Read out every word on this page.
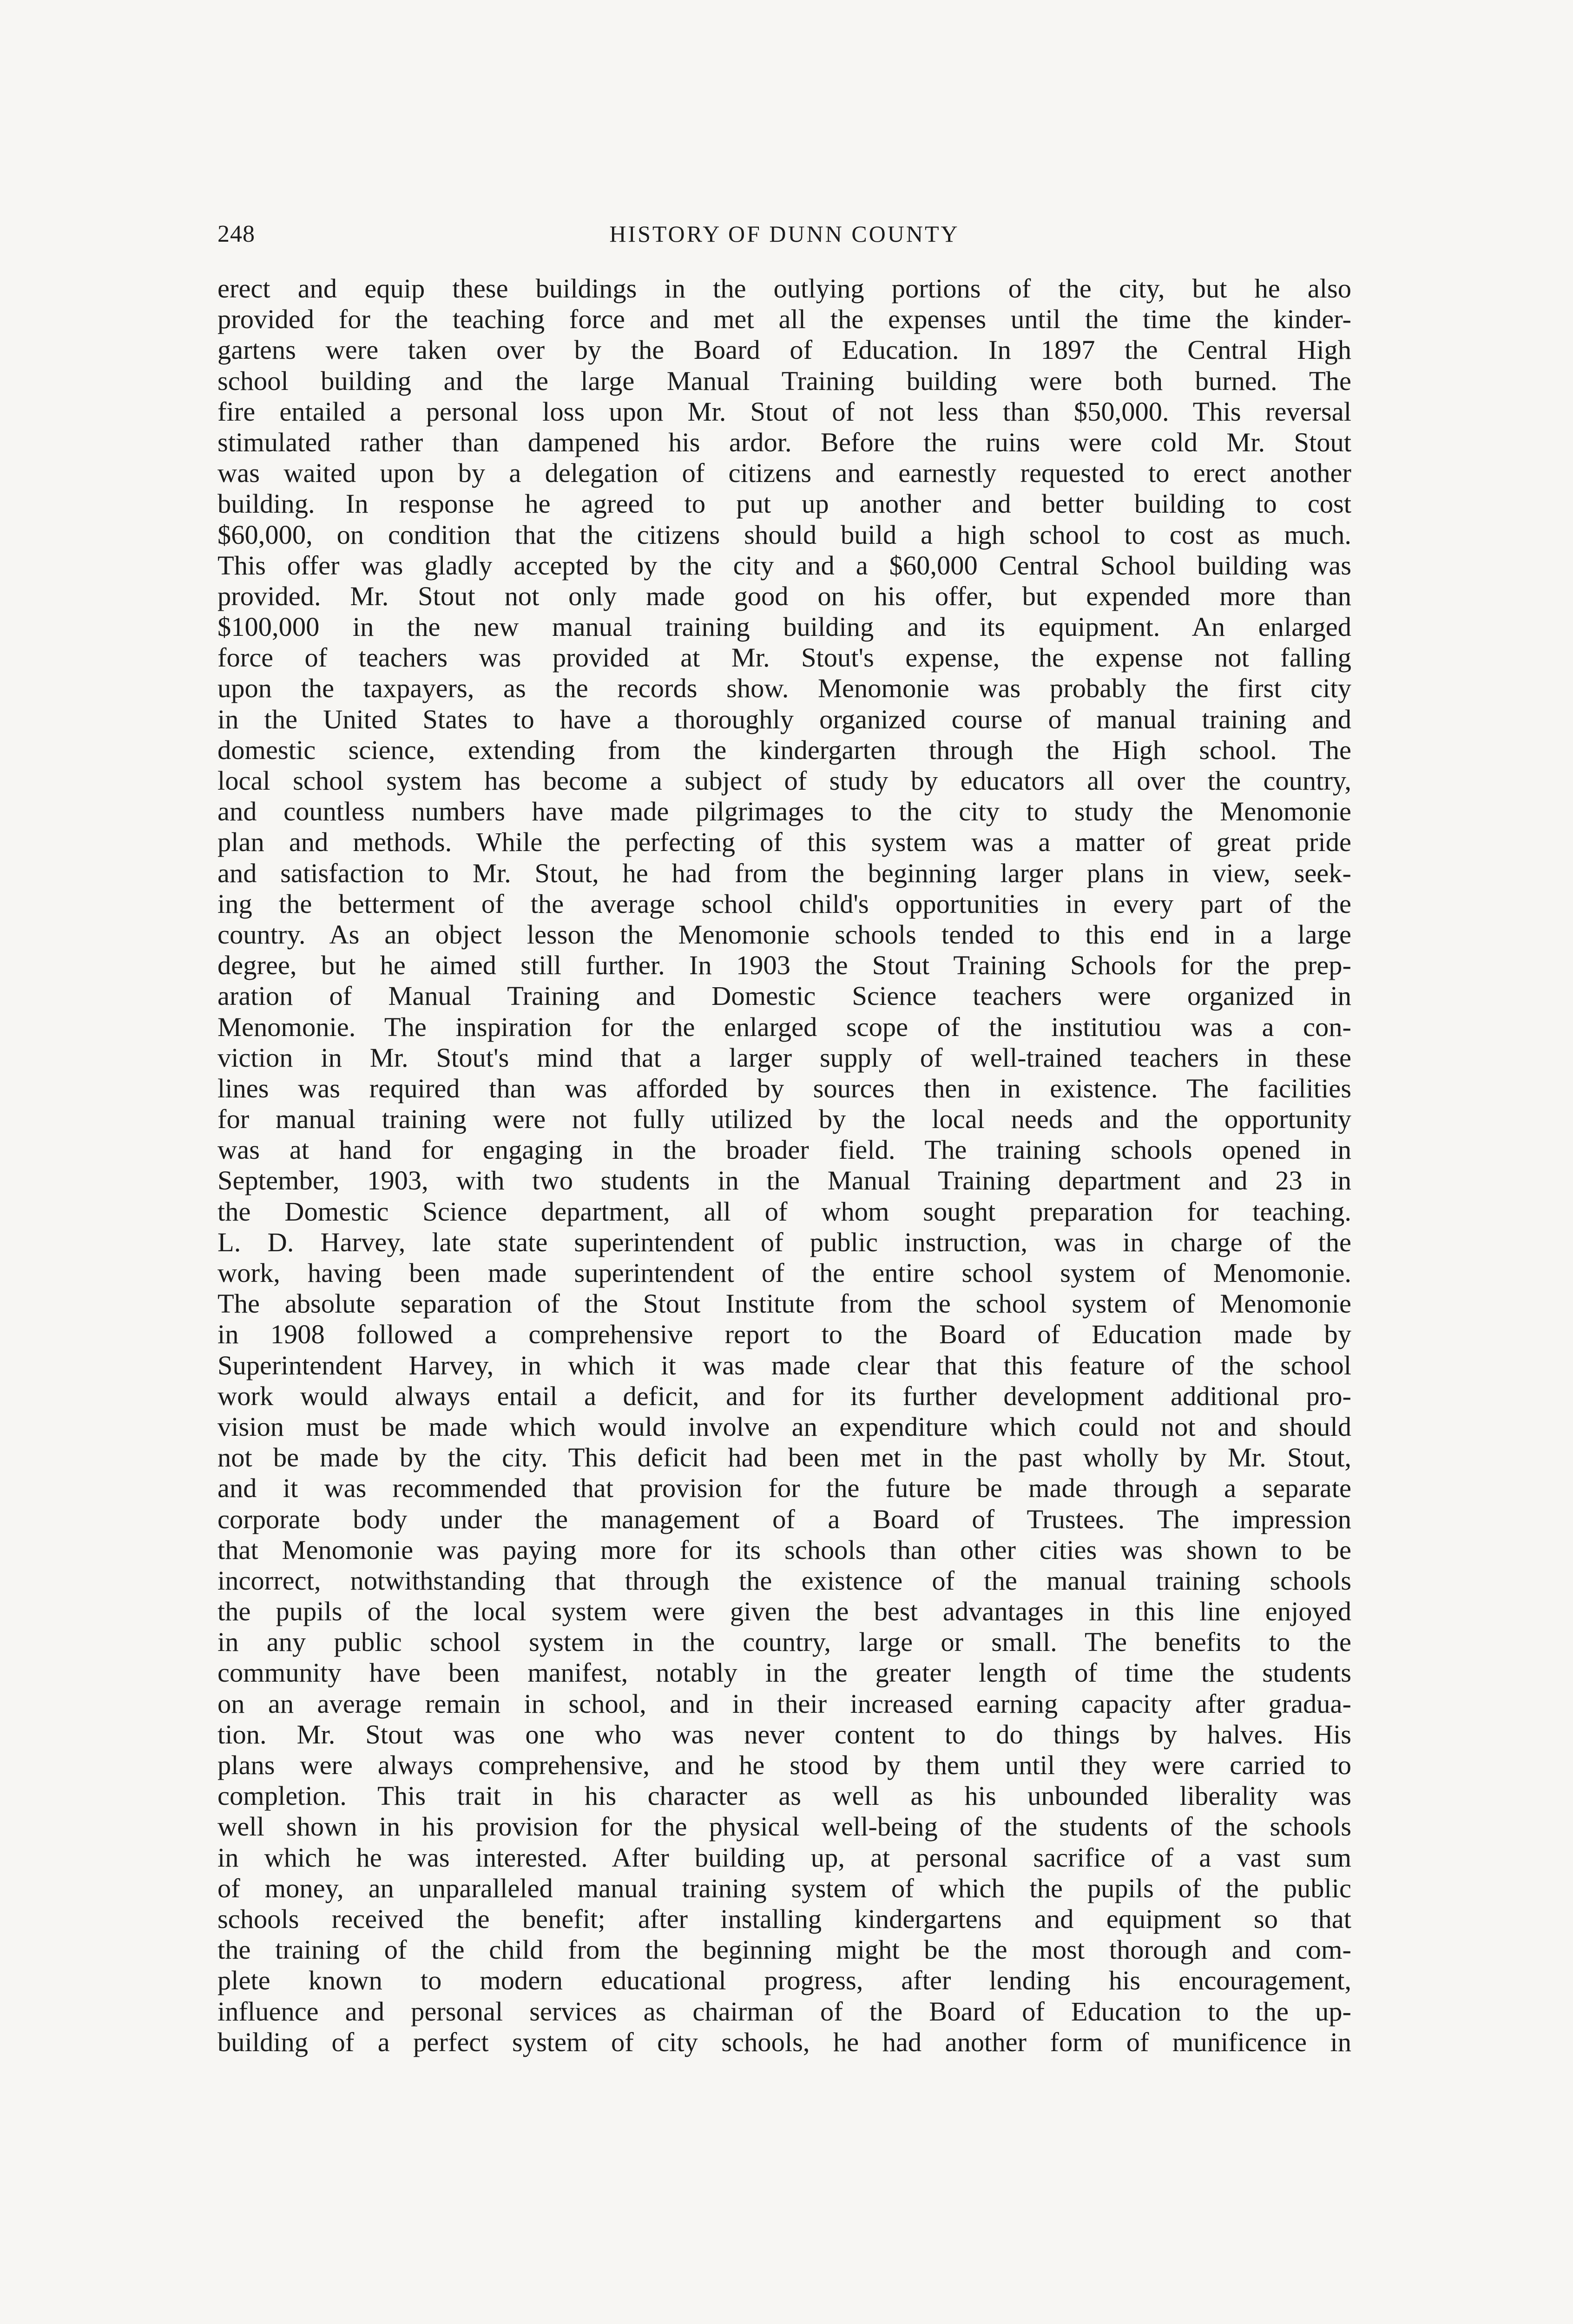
248	HISTORY OF DUNN COUNTY
erect and equip these buildings in the outlying portions of the city, but he also
provided for the teaching force and met all the expenses until the time the kinder-
gartens were taken over by the Board of Education. In 1897 the Central High
school building and the large Manual Training building were both burned. The
fire entailed a personal loss upon Mr. Stout of not less than $50,000. This reversal
stimulated rather than dampened his ardor. Before the ruins were cold Mr. Stout
was waited upon by a delegation of citizens and earnestly requested to erect another
building. In response he agreed to put up another and better building to cost
$60,000, on condition that the citizens should build a high school to cost as much.
This offer was gladly accepted by the city and a $60,000 Central School building was
provided. Mr. Stout not only made good on his offer, but expended more than
$100,000 in the new manual training building and its equipment. An enlarged
force of teachers was provided at Mr. Stout's expense, the expense not falling
upon the taxpayers, as the records show. Menomonie was probably the first city
in the United States to have a thoroughly organized course of manual training and
domestic science, extending from the kindergarten through the High school. The
local school system has become a subject of study by educators all over the country,
and countless numbers have made pilgrimages to the city to study the Menomonie
plan and methods. While the perfecting of this system was a matter of great pride
and satisfaction to Mr. Stout, he had from the beginning larger plans in view, seek-
ing the betterment of the average school child's opportunities in every part of the
country. As an object lesson the Menomonie schools tended to this end in a large
degree, but he aimed still further. In 1903 the Stout Training Schools for the prep-
aration of Manual Training and Domestic Science teachers were organized in
Menomonie. The inspiration for the enlarged scope of the institutiou was a con-
viction in Mr. Stout's mind that a larger supply of well-trained teachers in these
lines was required than was afforded by sources then in existence. The facilities
for manual training were not fully utilized by the local needs and the opportunity
was at hand for engaging in the broader field. The training schools opened in
September, 1903, with two students in the Manual Training department and 23 in
the Domestic Science department, all of whom sought preparation for teaching.
L. D. Harvey, late state superintendent of public instruction, was in charge of the
work, having been made superintendent of the entire school system of Menomonie.
The absolute separation of the Stout Institute from the school system of Menomonie
in 1908 followed a comprehensive report to the Board of Education made by
Superintendent Harvey, in which it was made clear that this feature of the school
work would always entail a deficit, and for its further development additional pro-
vision must be made which would involve an expenditure which could not and should
not be made by the city. This deficit had been met in the past wholly by Mr. Stout,
and it was recommended that provision for the future be made through a separate
corporate body under the management of a Board of Trustees. The impression
that Menomonie was paying more for its schools than other cities was shown to be
incorrect, notwithstanding that through the existence of the manual training schools
the pupils of the local system were given the best advantages in this line enjoyed
in any public school system in the country, large or small. The benefits to the
community have been manifest, notably in the greater length of time the students
on an average remain in school, and in their increased earning capacity after gradua-
tion. Mr. Stout was one who was never content to do things by halves. His
plans were always comprehensive, and he stood by them until they were carried to
completion. This trait in his character as well as his unbounded liberality was
well shown in his provision for the physical well-being of the students of the schools
in which he was interested. After building up, at personal sacrifice of a vast sum
of money, an unparalleled manual training system of which the pupils of the public
schools received the benefit; after installing kindergartens and equipment so that
the training of the child from the beginning might be the most thorough and com-
plete known to modern educational progress, after lending his encouragement,
influence and personal services as chairman of the Board of Education to the up-
building of a perfect system of city schools, he had another form of munificence in
